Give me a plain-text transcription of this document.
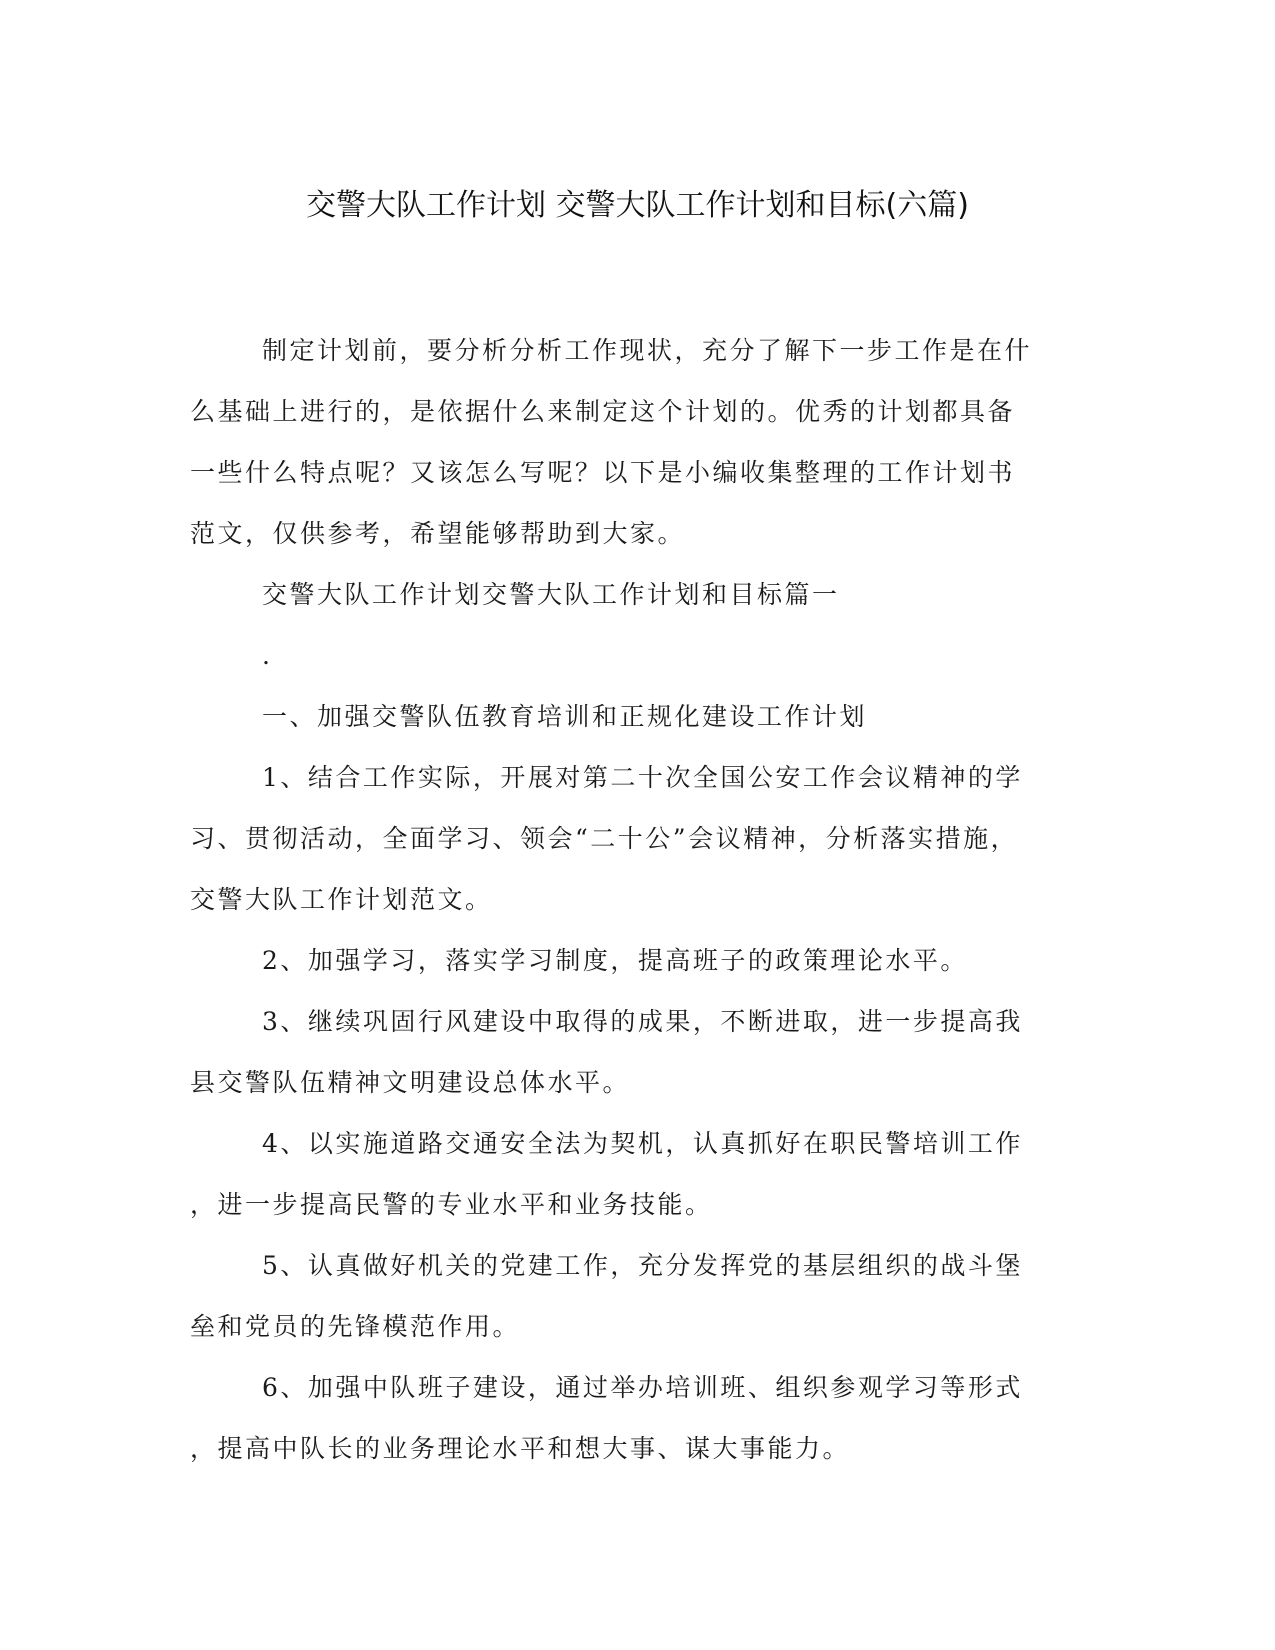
交警大队工作计划 交警大队工作计划和目标(六篇)
制定计划前，要分析分析工作现状，充分了解下一步工作是在什
么基础上进行的，是依据什么来制定这个计划的。优秀的计划都具备
一些什么特点呢？又该怎么写呢？以下是小编收集整理的工作计划书
范文，仅供参考，希望能够帮助到大家。
交警大队工作计划交警大队工作计划和目标篇一
.
一、加强交警队伍教育培训和正规化建设工作计划
1、结合工作实际，开展对第二十次全国公安工作会议精神的学
习、贯彻活动，全面学习、领会“二十公”会议精神，分析落实措施，
交警大队工作计划范文。
2、加强学习，落实学习制度，提高班子的政策理论水平。
3、继续巩固行风建设中取得的成果，不断进取，进一步提高我
县交警队伍精神文明建设总体水平。
4、以实施道路交通安全法为契机，认真抓好在职民警培训工作
，进一步提高民警的专业水平和业务技能。
5、认真做好机关的党建工作，充分发挥党的基层组织的战斗堡
垒和党员的先锋模范作用。
6、加强中队班子建设，通过举办培训班、组织参观学习等形式
，提高中队长的业务理论水平和想大事、谋大事能力。
